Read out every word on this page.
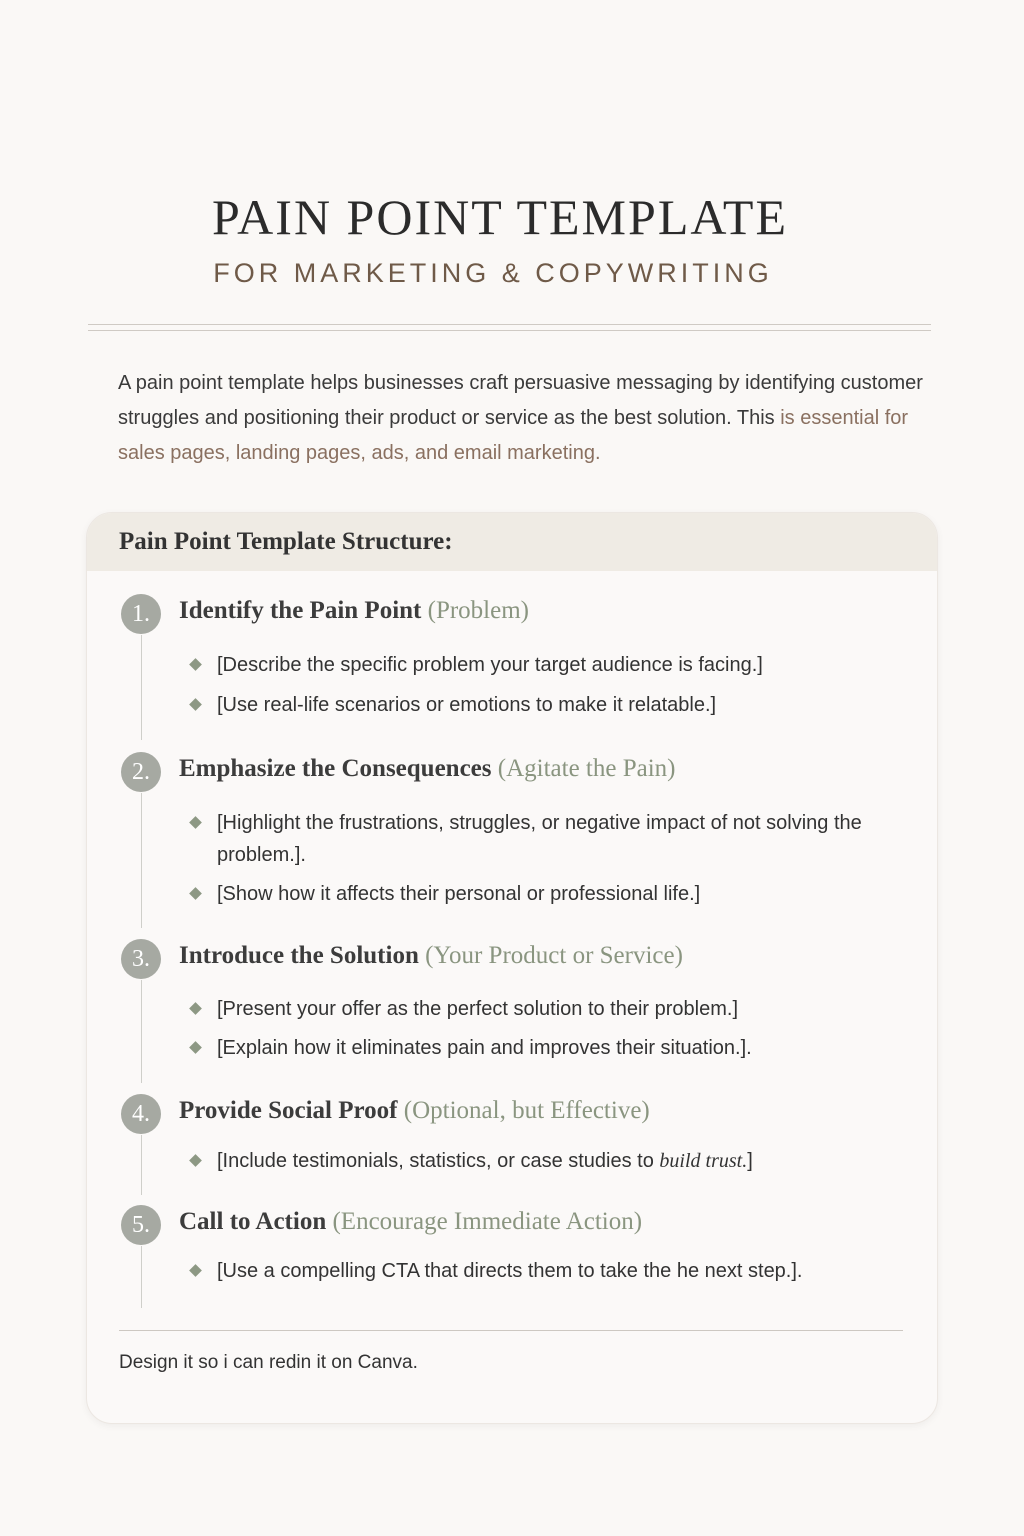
PAIN POINT TEMPLATE
FOR MARKETING & COPYWRITING
A pain point template helps businesses craft persuasive messaging by identifying customer struggles and positioning their product or service as the best solution. This is essential for sales pages, landing pages, ads, and email marketing.
Pain Point Template Structure:
1.	Identify the Pain Point (Problem)
[Describe the specific problem your target audience is facing.]
[Use real-life scenarios or emotions to make it relatable.]
2.	Emphasize the Consequences (Agitate the Pain)
[Highlight the frustrations, struggles, or negative impact of not solving the problem.].
[Show how it affects their personal or professional life.]
3.	Introduce the Solution (Your Product or Service)
[Present your offer as the perfect solution to their problem.]
[Explain how it eliminates pain and improves their situation.].
4.	Provide Social Proof (Optional, but Effective)
[Include testimonials, statistics, or case studies to build trust.]
5.	Call to Action (Encourage Immediate Action)
[Use a compelling CTA that directs them to take the he next step.].
Design it so i can redin it on Canva.
